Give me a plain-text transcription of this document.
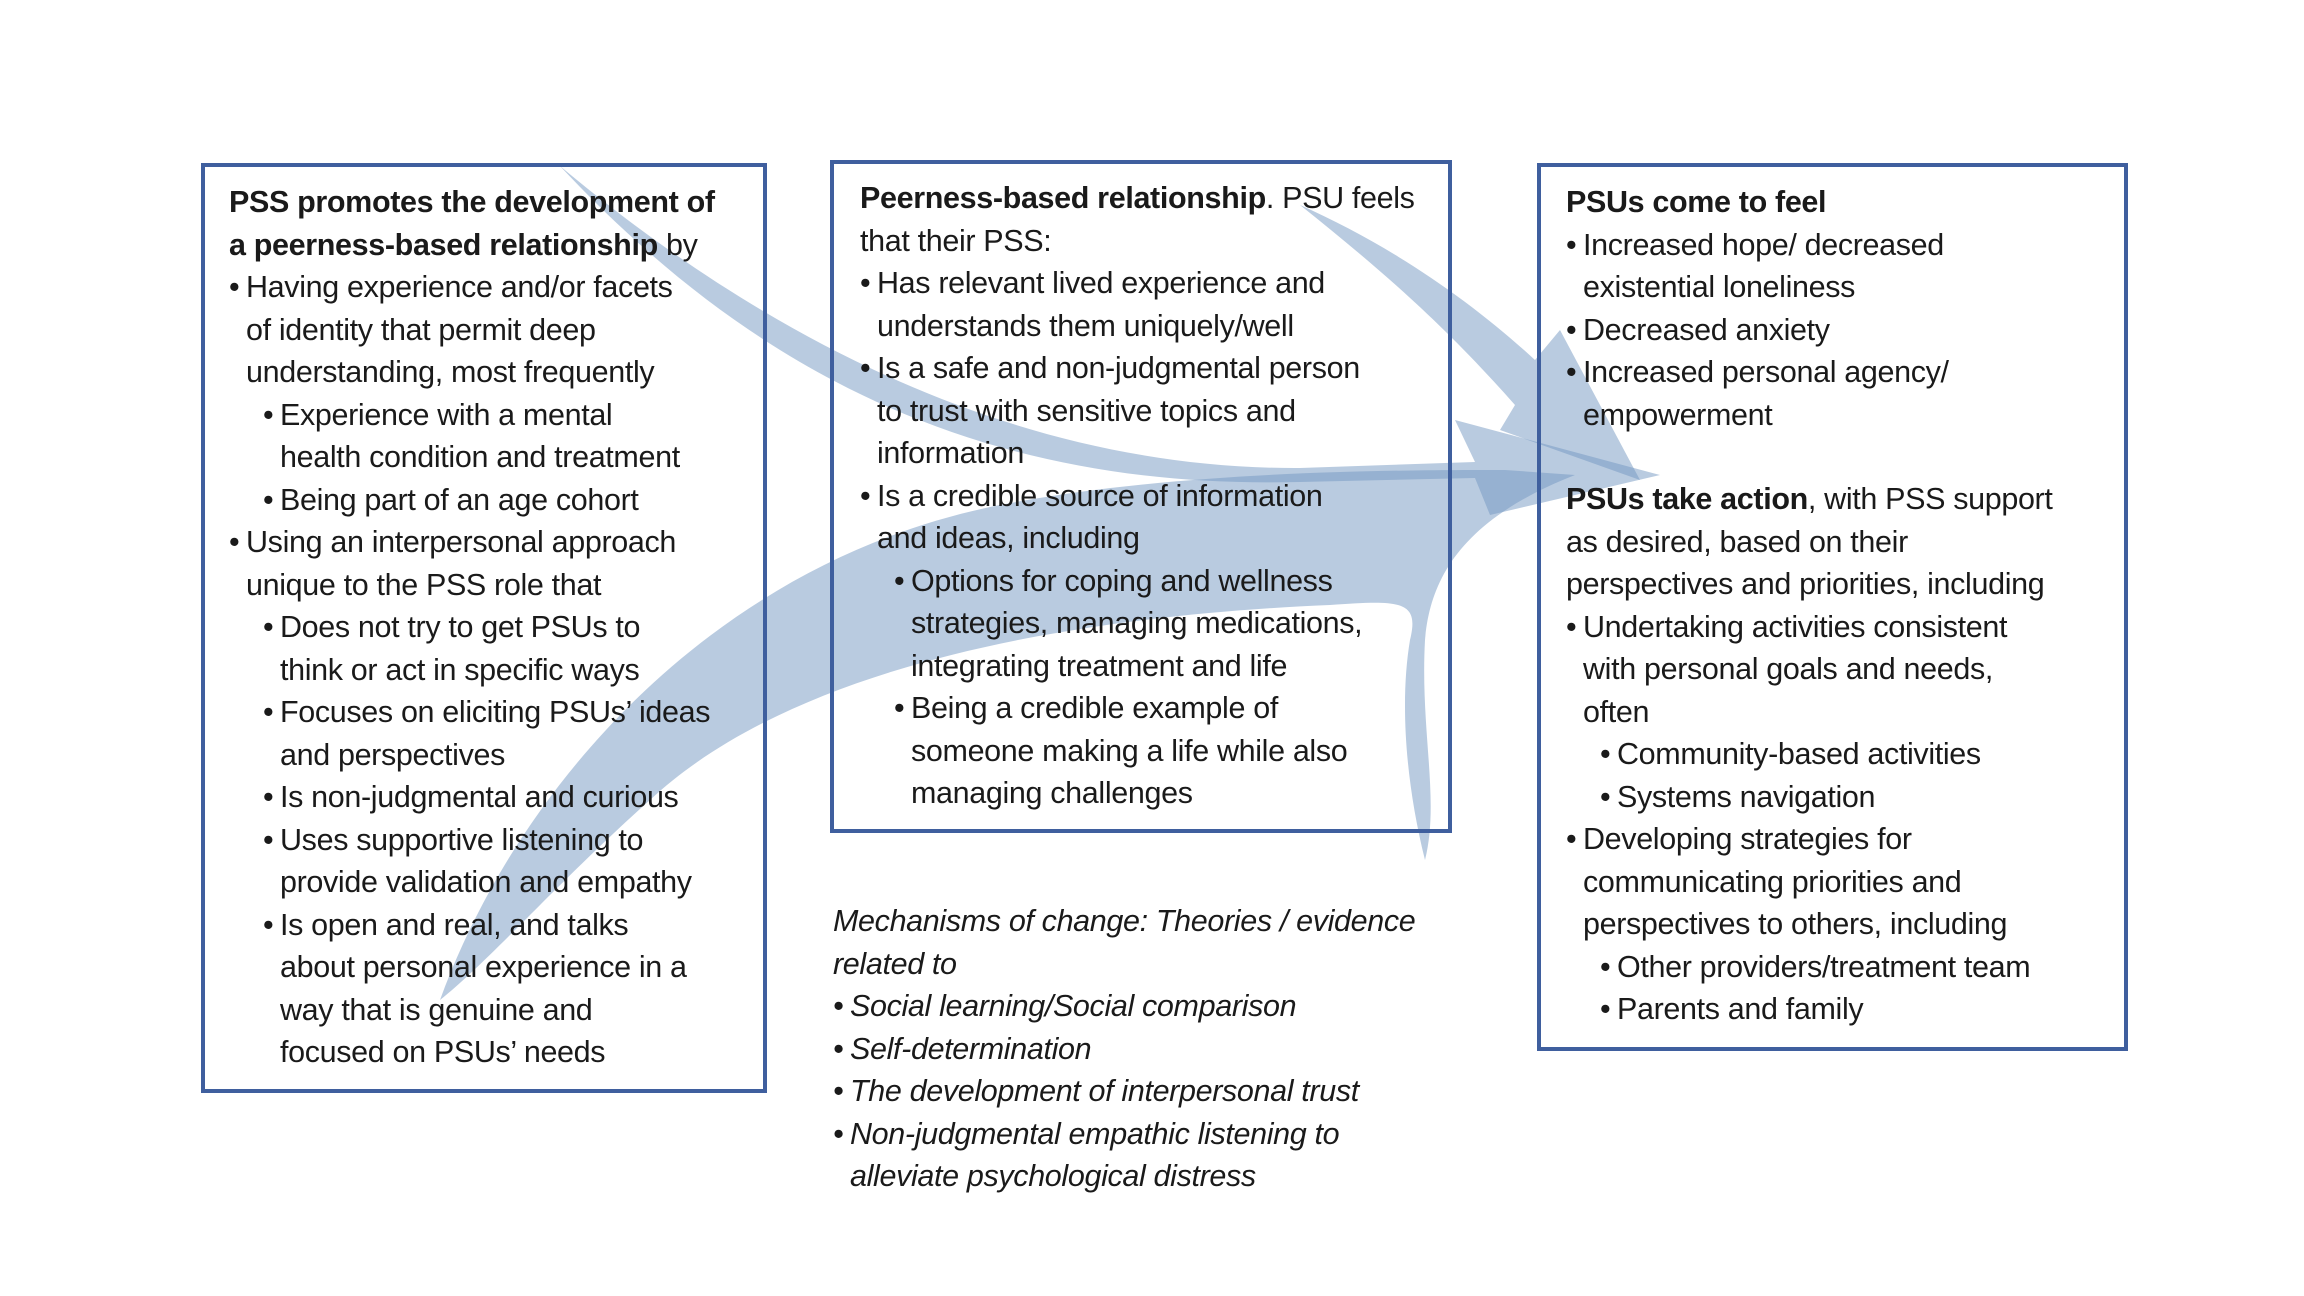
PSS promotes the development of
a peerness-based relationship by
• Having experience and/or facets
of identity that permit deep
understanding, most frequently
• Experience with a mental
health condition and treatment
• Being part of an age cohort
• Using an interpersonal approach
unique to the PSS role that
• Does not try to get PSUs to
think or act in specific ways
• Focuses on eliciting PSUs’ ideas
and perspectives
• Is non-judgmental and curious
• Uses supportive listening to
provide validation and empathy
• Is open and real, and talks
about personal experience in a
way that is genuine and
focused on PSUs’ needs
Peerness-based relationship. PSU feels
that their PSS:
• Has relevant lived experience and
understands them uniquely/well
• Is a safe and non-judgmental person
to trust with sensitive topics and
information
• Is a credible source of information
and ideas, including
• Options for coping and wellness
strategies, managing medications,
integrating treatment and life
• Being a credible example of
someone making a life while also
managing challenges
Mechanisms of change: Theories / evidence
related to
• Social learning/Social comparison
• Self-determination
• The development of interpersonal trust
• Non-judgmental empathic listening to
alleviate psychological distress
PSUs come to feel
• Increased hope/ decreased
existential loneliness
• Decreased anxiety
• Increased personal agency/
empowerment
PSUs take action, with PSS support
as desired, based on their
perspectives and priorities, including
• Undertaking activities consistent
with personal goals and needs,
often
• Community-based activities
• Systems navigation
• Developing strategies for
communicating priorities and
perspectives to others, including
• Other providers/treatment team
• Parents and family
